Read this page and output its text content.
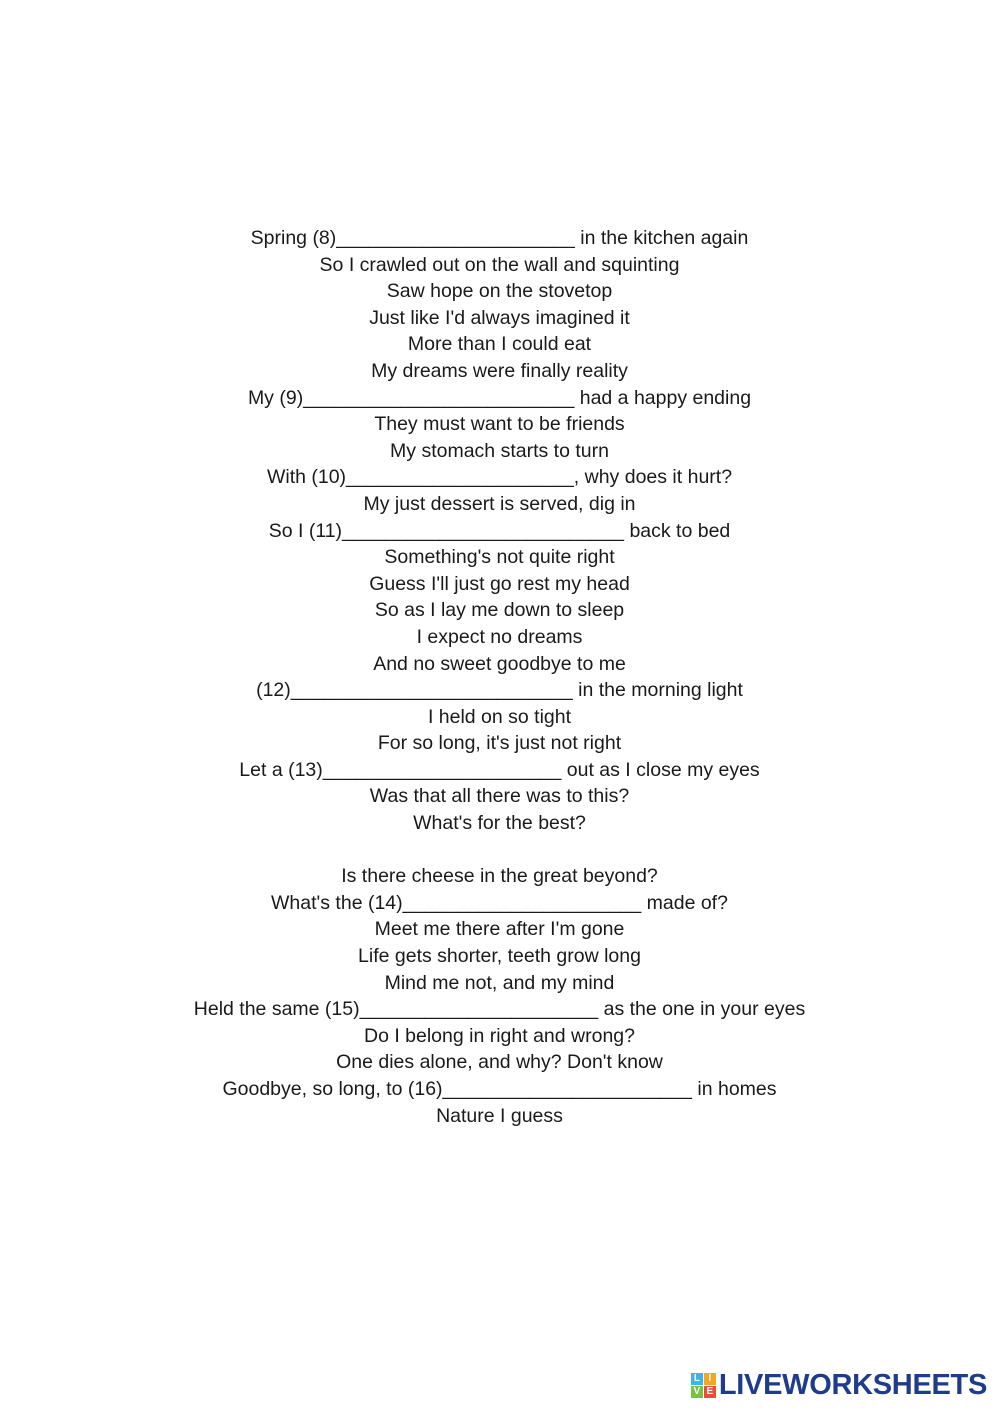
Spring (8)______________________ in the kitchen again
So I crawled out on the wall and squinting
Saw hope on the stovetop
Just like I'd always imagined it
More than I could eat
My dreams were finally reality
My (9)_________________________ had a happy ending
They must want to be friends
My stomach starts to turn
With (10)_____________________, why does it hurt?
My just dessert is served, dig in
So I (11)__________________________ back to bed
Something's not quite right
Guess I'll just go rest my head
So as I lay me down to sleep
I expect no dreams
And no sweet goodbye to me
(12)__________________________ in the morning light
I held on so tight
For so long, it's just not right
Let a (13)______________________ out as I close my eyes
Was that all there was to this?
What's for the best?
Is there cheese in the great beyond?
What's the (14)______________________ made of?
Meet me there after I'm gone
Life gets shorter, teeth grow long
Mind me not, and my mind
Held the same (15)______________________ as the one in your eyes
Do I belong in right and wrong?
One dies alone, and why? Don't know
Goodbye, so long, to (16)_______________________ in homes
Nature I guess
L I
V E LIVEWORKSHEETS
